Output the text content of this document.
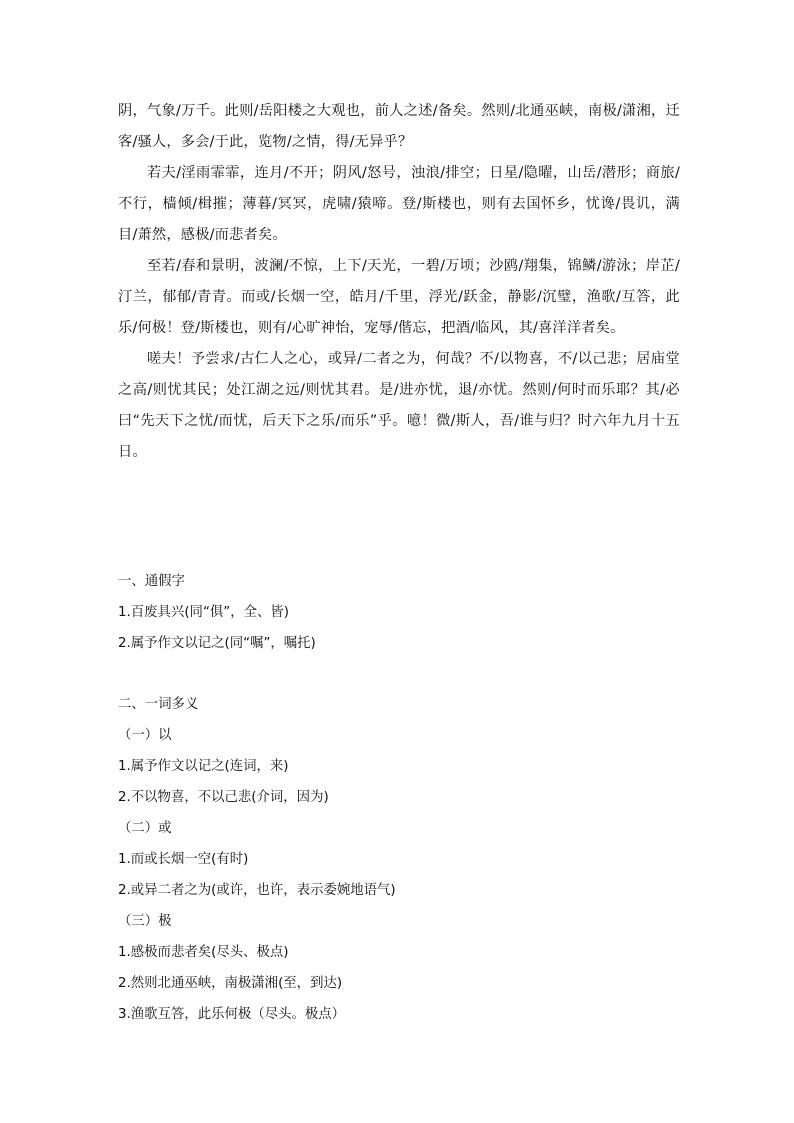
阴，气象/万千。此则/岳阳楼之大观也，前人之述/备矣。然则/北通巫峡，南极/潇湘，迁客/骚人，多会/于此，览物/之情，得/无异乎？

若夫/淫雨霏霏，连月/不开；阴风/怒号，浊浪/排空；日星/隐曜，山岳/潜形；商旅/不行，樯倾/楫摧；薄暮/冥冥，虎啸/猿啼。登/斯楼也，则有去国怀乡，忧谗/畏讥，满目/萧然，感极/而悲者矣。

至若/春和景明，波澜/不惊，上下/天光，一碧/万顷；沙鸥/翔集，锦鳞/游泳；岸芷/汀兰，郁郁/青青。而或/长烟一空，皓月/千里，浮光/跃金，静影/沉璧，渔歌/互答，此乐/何极！登/斯楼也，则有/心旷神怡，宠辱/偕忘，把酒/临风，其/喜洋洋者矣。

嗟夫！予尝求/古仁人之心，或异/二者之为，何哉？不/以物喜，不/以己悲；居庙堂之高/则忧其民；处江湖之远/则忧其君。是/进亦忧，退/亦忧。然则/何时而乐耶？其/必曰“先天下之忧/而忧，后天下之乐/而乐”乎。噫！微/斯人，吾/谁与归？时六年九月十五日。

一、通假字
1.百废具兴(同“俱”，全、皆)
2.属予作文以记之(同“嘱”，嘱托)
二、一词多义
（一）以
1.属予作文以记之(连词，来)
2.不以物喜，不以己悲(介词，因为)
（二）或
1.而或长烟一空(有时)
2.或异二者之为(或许，也许，表示委婉地语气)
（三）极
1.感极而悲者矣(尽头、极点)
2.然则北通巫峡，南极潇湘(至，到达)
3.渔歌互答，此乐何极（尽头。极点）
